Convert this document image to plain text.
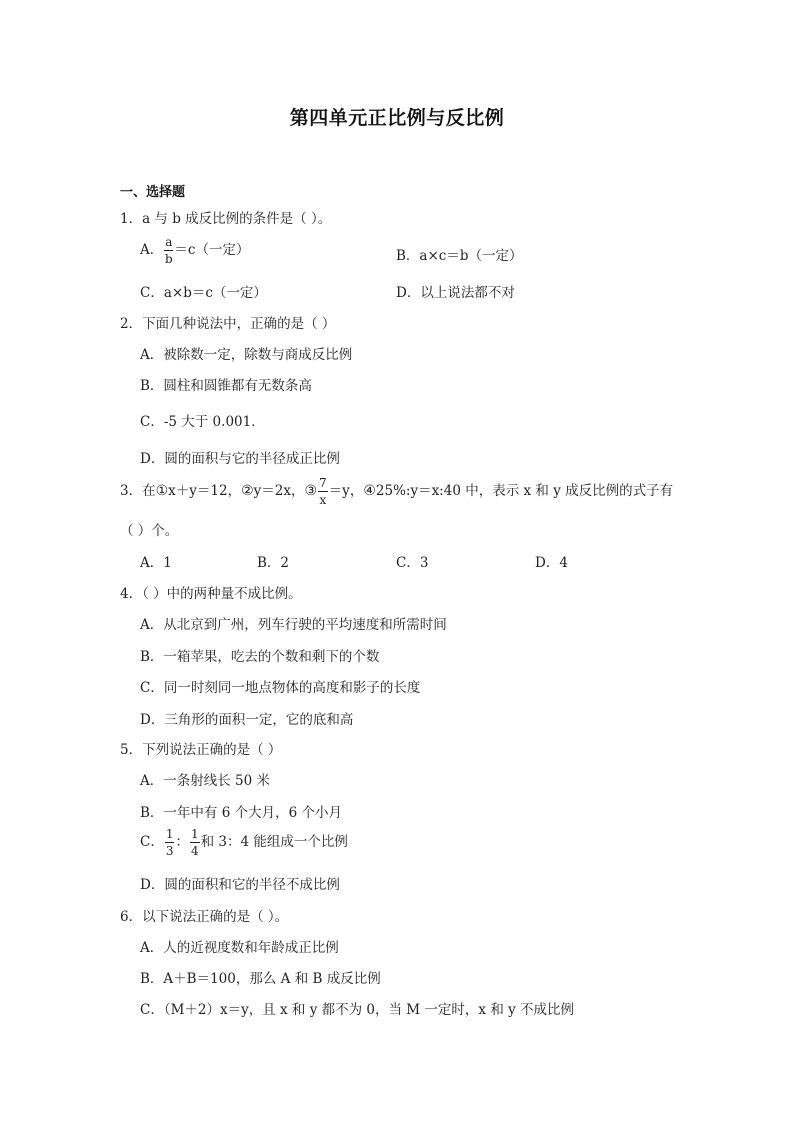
第四单元正比例与反比例
一、选择题
1．a 与 b 成反比例的条件是（ ）。
A． $\frac{a}{b} =c$（一定）	B．a×c＝b（一定）
C．a×b＝c（一定）	D．以上说法都不对
2．下面几种说法中，正确的是（ ）
A．被除数一定，除数与商成反比例
B．圆柱和圆锥都有无数条高
C．-5 大于 0.001．
D．圆的面积与它的半径成正比例
3．在①x＋y＝12，②y＝2x，③ $\frac{7}{x} =y$，④25%:y＝x:40 中，表示 x 和 y 成反比例的式子有
（ ）个。
A．1	B．2	C．3	D．4
4．（ ）中的两种量不成比例。
A．从北京到广州，列车行驶的平均速度和所需时间
B．一箱苹果，吃去的个数和剩下的个数
C．同一时刻同一地点物体的高度和影子的长度
D．三角形的面积一定，它的底和高
5．下列说法正确的是（ ）
A．一条射线长 50 米
B．一年中有 6 个大月，6 个小月
C． $\frac{1}{3}$ ： $\frac{1}{4}$ 和 3：4 能组成一个比例
D．圆的面积和它的半径不成比例
6．以下说法正确的是（ ）。
A．人的近视度数和年龄成正比例
B．A＋B＝100，那么 A 和 B 成反比例
C．（M＋2）x＝y，且 x 和 y 都不为 0，当 M 一定时，x 和 y 不成比例
